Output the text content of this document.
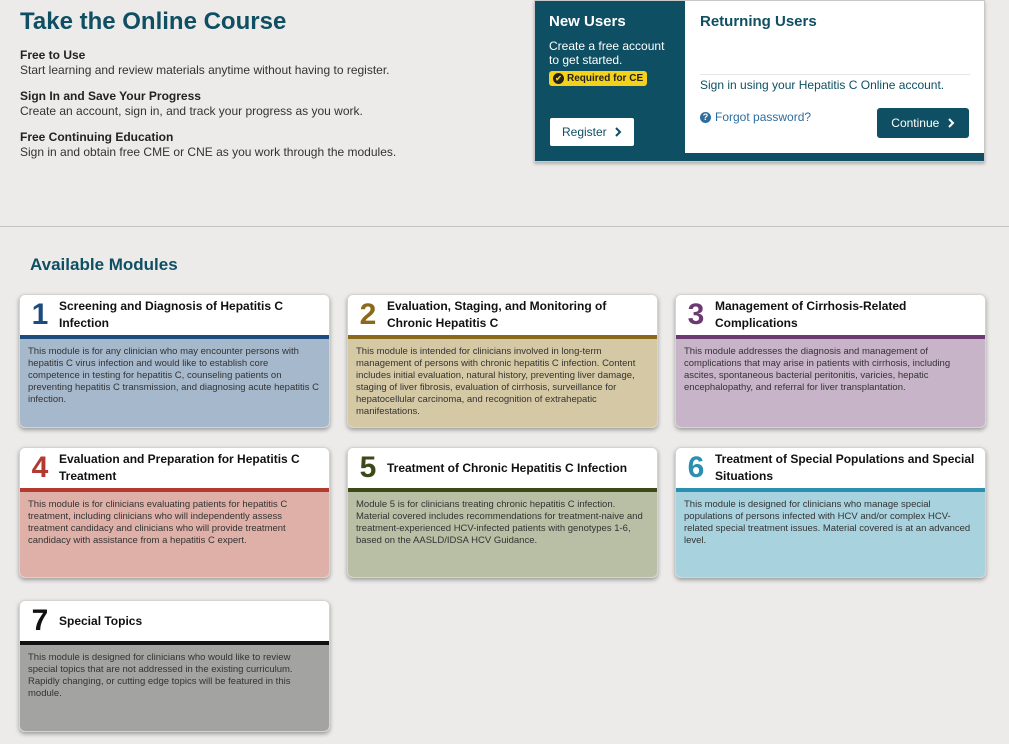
Take the Online Course
Free to Use

Start learning and review materials anytime without having to register.

Sign In and Save Your Progress

Create an account, sign in, and track your progress as you work.

Free Continuing Education

Sign in and obtain free CME or CNE as you work through the modules.

New Users

Create a free account to get started.

✔ Required for CE
Register
Returning Users
Sign in using your Hepatitis C Online account.
? Forgot password?	Continue
Available Modules
1 Screening and Diagnosis of Hepatitis C Infection
This module is for any clinician who may encounter persons with hepatitis C virus infection and would like to establish core competence in testing for hepatitis C, counseling patients on preventing hepatitis C transmission, and diagnosing acute hepatitis C infection.
2 Evaluation, Staging, and Monitoring of Chronic Hepatitis C
This module is intended for clinicians involved in long-term management of persons with chronic hepatitis C infection. Content includes initial evaluation, natural history, preventing liver damage, staging of liver fibrosis, evaluation of cirrhosis, surveillance for hepatocellular carcinoma, and recognition of extrahepatic manifestations.
3 Management of Cirrhosis-Related Complications
This module addresses the diagnosis and management of complications that may arise in patients with cirrhosis, including ascites, spontaneous bacterial peritonitis, varicies, hepatic encephalopathy, and referral for liver transplantation.
4 Evaluation and Preparation for Hepatitis C Treatment
This module is for clinicians evaluating patients for hepatitis C treatment, including clinicians who will independently assess treatment candidacy and clinicians who will provide treatment candidacy with assistance from a hepatitis C expert.
5 Treatment of Chronic Hepatitis C Infection
Module 5 is for clinicians treating chronic hepatitis C infection. Material covered includes recommendations for treatment-naive and treatment-experienced HCV-infected patients with genotypes 1-6, based on the AASLD/IDSA HCV Guidance.
6 Treatment of Special Populations and Special Situations
This module is designed for clinicians who manage special populations of persons infected with HCV and/or complex HCV-related special treatment issues. Material covered is at an advanced level.
7 Special Topics
This module is designed for clinicians who would like to review special topics that are not addressed in the existing curriculum. Rapidly changing, or cutting edge topics will be featured in this module.
